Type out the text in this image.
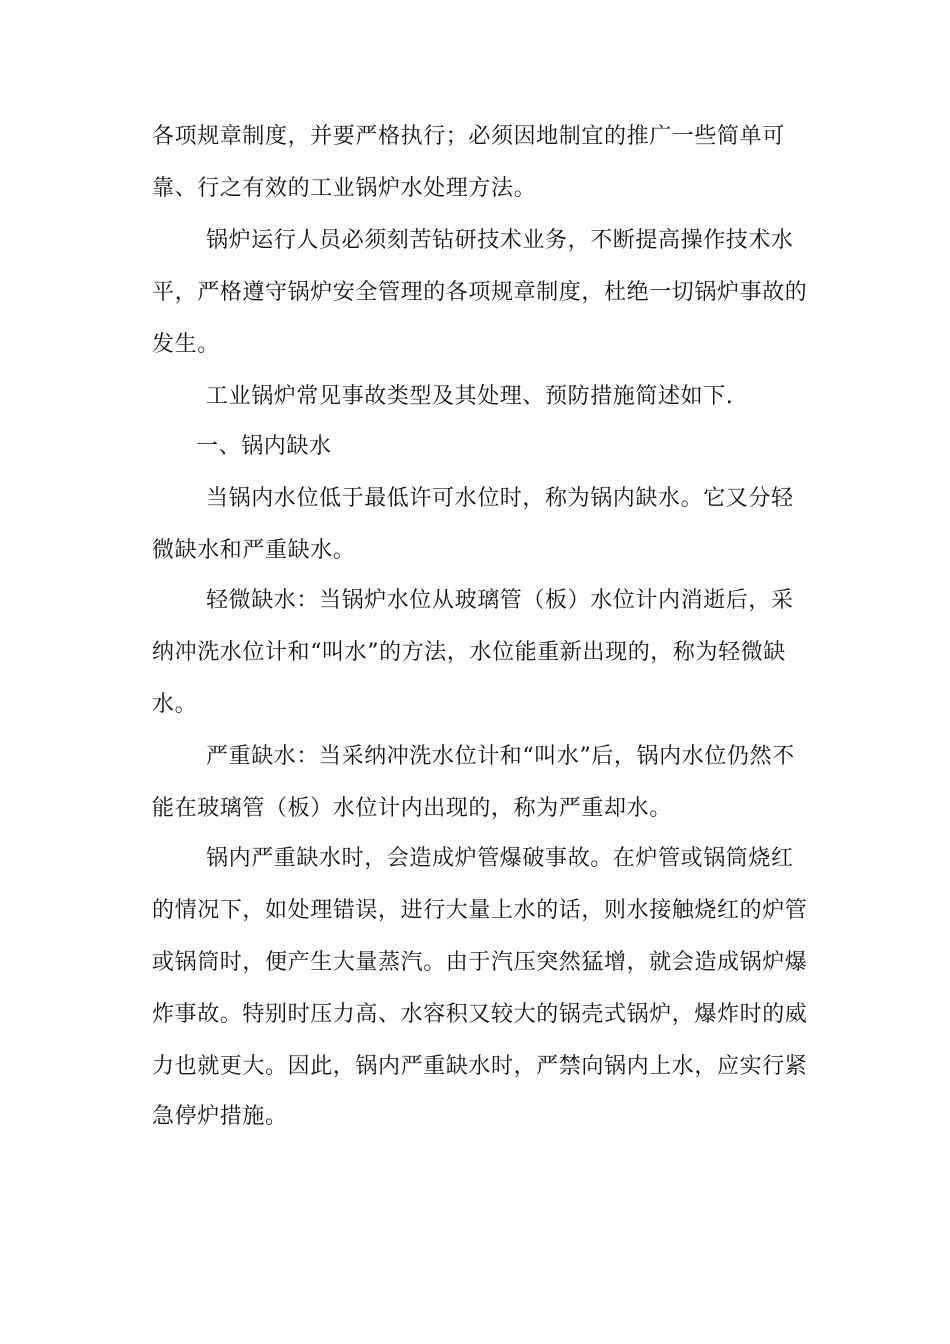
各项规章制度，并要严格执行；必须因地制宜的推广一些简单可
靠、行之有效的工业锅炉水处理方法。
锅炉运行人员必须刻苦钻研技术业务，不断提高操作技术水
平，严格遵守锅炉安全管理的各项规章制度，杜绝一切锅炉事故的
发生。
工业锅炉常见事故类型及其处理、预防措施简述如下.
一、锅内缺水
当锅内水位低于最低许可水位时，称为锅内缺水。它又分轻
微缺水和严重缺水。
轻微缺水：当锅炉水位从玻璃管（板）水位计内消逝后，采
纳冲洗水位计和“叫水”的方法，水位能重新出现的，称为轻微缺
水。
严重缺水：当采纳冲洗水位计和“叫水”后，锅内水位仍然不
能在玻璃管（板）水位计内出现的，称为严重却水。
锅内严重缺水时，会造成炉管爆破事故。在炉管或锅筒烧红
的情况下，如处理错误，进行大量上水的话，则水接触烧红的炉管
或锅筒时，便产生大量蒸汽。由于汽压突然猛增，就会造成锅炉爆
炸事故。特别时压力高、水容积又较大的锅壳式锅炉，爆炸时的威
力也就更大。因此，锅内严重缺水时，严禁向锅内上水，应实行紧
急停炉措施。
